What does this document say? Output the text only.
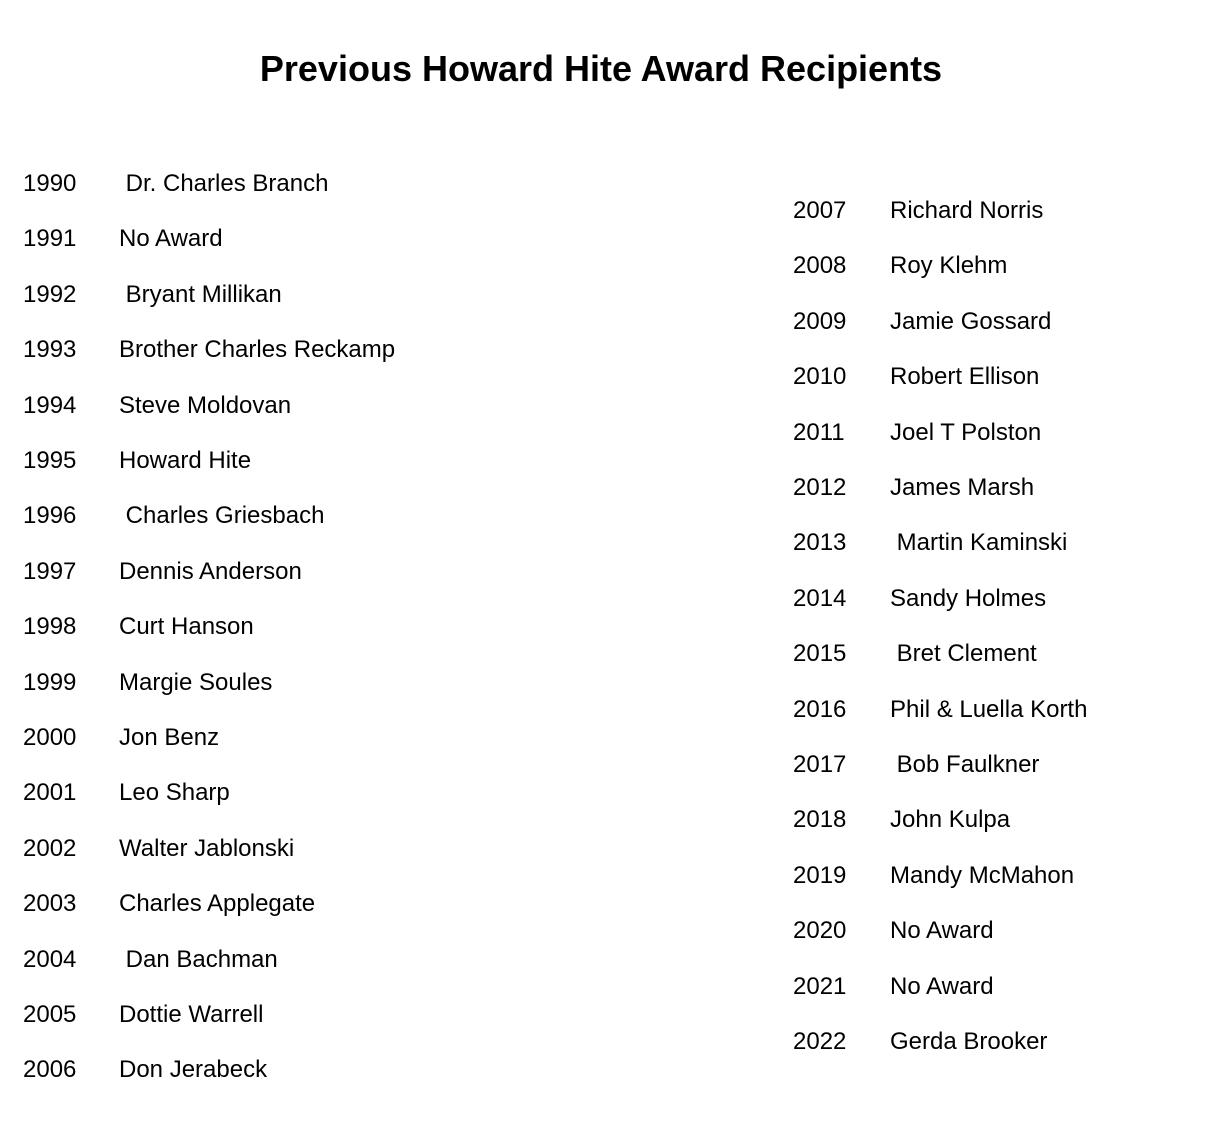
Previous Howard Hite Award Recipients
1990 Dr. Charles Branch
1991 No Award
1992 Bryant Millikan
1993 Brother Charles Reckamp
1994 Steve Moldovan
1995 Howard Hite
1996 Charles Griesbach
1997 Dennis Anderson
1998 Curt Hanson
1999 Margie Soules
2000 Jon Benz
2001 Leo Sharp
2002 Walter Jablonski
2003 Charles Applegate
2004 Dan Bachman
2005 Dottie Warrell
2006 Don Jerabeck
2007 Richard Norris
2008 Roy Klehm
2009 Jamie Gossard
2010 Robert Ellison
2011 Joel T Polston
2012 James Marsh
2013 Martin Kaminski
2014 Sandy Holmes
2015 Bret Clement
2016 Phil & Luella Korth
2017 Bob Faulkner
2018 John Kulpa
2019 Mandy McMahon
2020 No Award
2021 No Award
2022 Gerda Brooker
